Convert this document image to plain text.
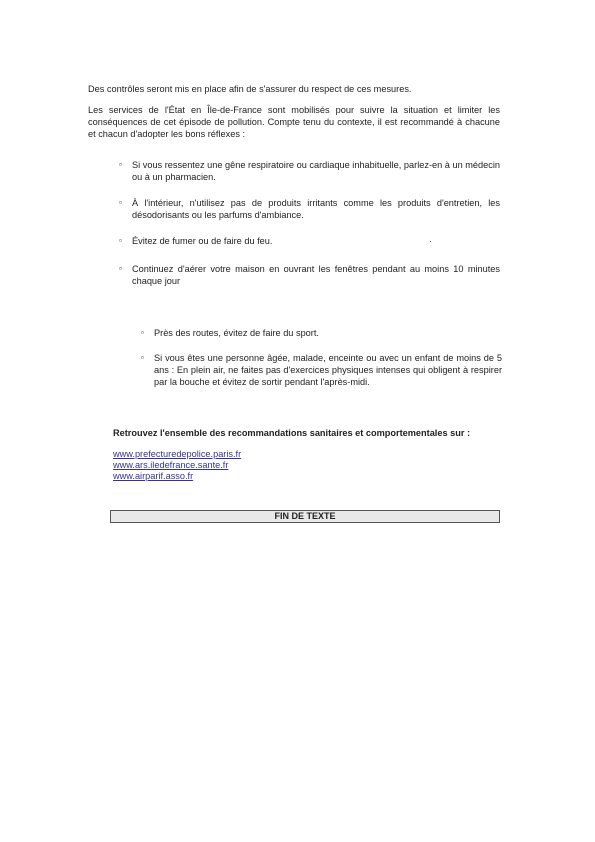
Des contrôles seront mis en place afin de s'assurer du respect de ces mesures.

Les services de l'État en Île-de-France sont mobilisés pour suivre la situation et limiter les conséquences de cet épisode de pollution. Compte tenu du contexte, il est recommandé à chacune et chacun d'adopter les bons réflexes :

▫ Si vous ressentez une gêne respiratoire ou cardiaque inhabituelle, parlez-en à un médecin ou à un pharmacien.
▫ À l'intérieur, n'utilisez pas de produits irritants comme les produits d'entretien, les désodorisants ou les parfums d'ambiance.
▫ Évitez de fumer ou de faire du feu.
▫ Continuez d'aérer votre maison en ouvrant les fenêtres pendant au moins 10 minutes chaque jour
▫ Près des routes, évitez de faire du sport.
▫ Si vous êtes une personne âgée, malade, enceinte ou avec un enfant de moins de 5 ans : En plein air, ne faites pas d'exercices physiques intenses qui obligent à respirer par la bouche et évitez de sortir pendant l'après-midi.

Retrouvez l'ensemble des recommandations sanitaires et comportementales sur :

www.prefecturedepolice.paris.fr
www.ars.iledefrance.sante.fr
www.airparif.asso.fr
FIN DE TEXTE
